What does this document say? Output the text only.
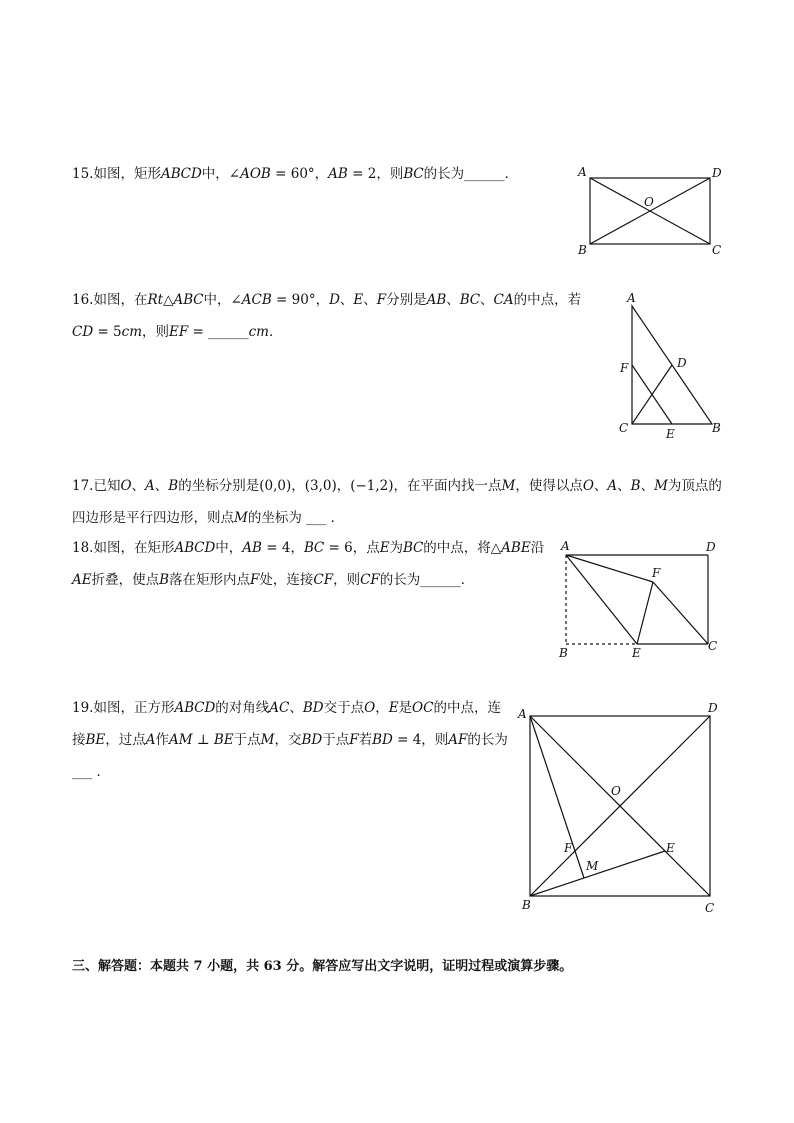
15.如图，矩形𝐴𝐵𝐶𝐷中，∠𝐴𝑂𝐵 = 60°，𝐴𝐵 = 2，则𝐵𝐶的长为______．	A	D
B	C
O

16.如图，在𝑅𝑡△𝐴𝐵𝐶中，∠𝐴𝐶𝐵 = 90°，𝐷、𝐸、𝐹分别是𝐴𝐵、𝐵𝐶、𝐶𝐴的中点，若

𝐶𝐷 = 5𝑐𝑚，则𝐸𝐹 = ______𝑐𝑚．

A
F	D
C	E	B

17.已知𝑂、𝐴、𝐵的坐标分别是(0,0)，(3,0)，(−1,2)，在平面内找一点𝑀，使得以点𝑂、𝐴、𝐵、𝑀为顶点的

四边形是平行四边形，则点𝑀的坐标为 ___ ．

18.如图，在矩形𝐴𝐵𝐶𝐷中，𝐴𝐵 = 4，𝐵𝐶 = 6，点𝐸为𝐵𝐶的中点，将△𝐴𝐵𝐸沿

𝐴𝐸折叠，使点𝐵落在矩形内点𝐹处，连接𝐶𝐹，则𝐶𝐹的长为______．

A	D
F
B	E	C

19.如图，正方形𝐴𝐵𝐶𝐷的对角线𝐴𝐶、𝐵𝐷交于点𝑂，𝐸是𝑂𝐶的中点，连

接𝐵𝐸，过点𝐴作𝐴𝑀 ⊥ 𝐵𝐸于点𝑀，交𝐵𝐷于点𝐹若𝐵𝐷 = 4，则𝐴𝐹的长为

___ ．

A	D
O
E
F
M
B	C
三、解答题：本题共 7 小题，共 63 分。解答应写出文字说明，证明过程或演算步骤。
